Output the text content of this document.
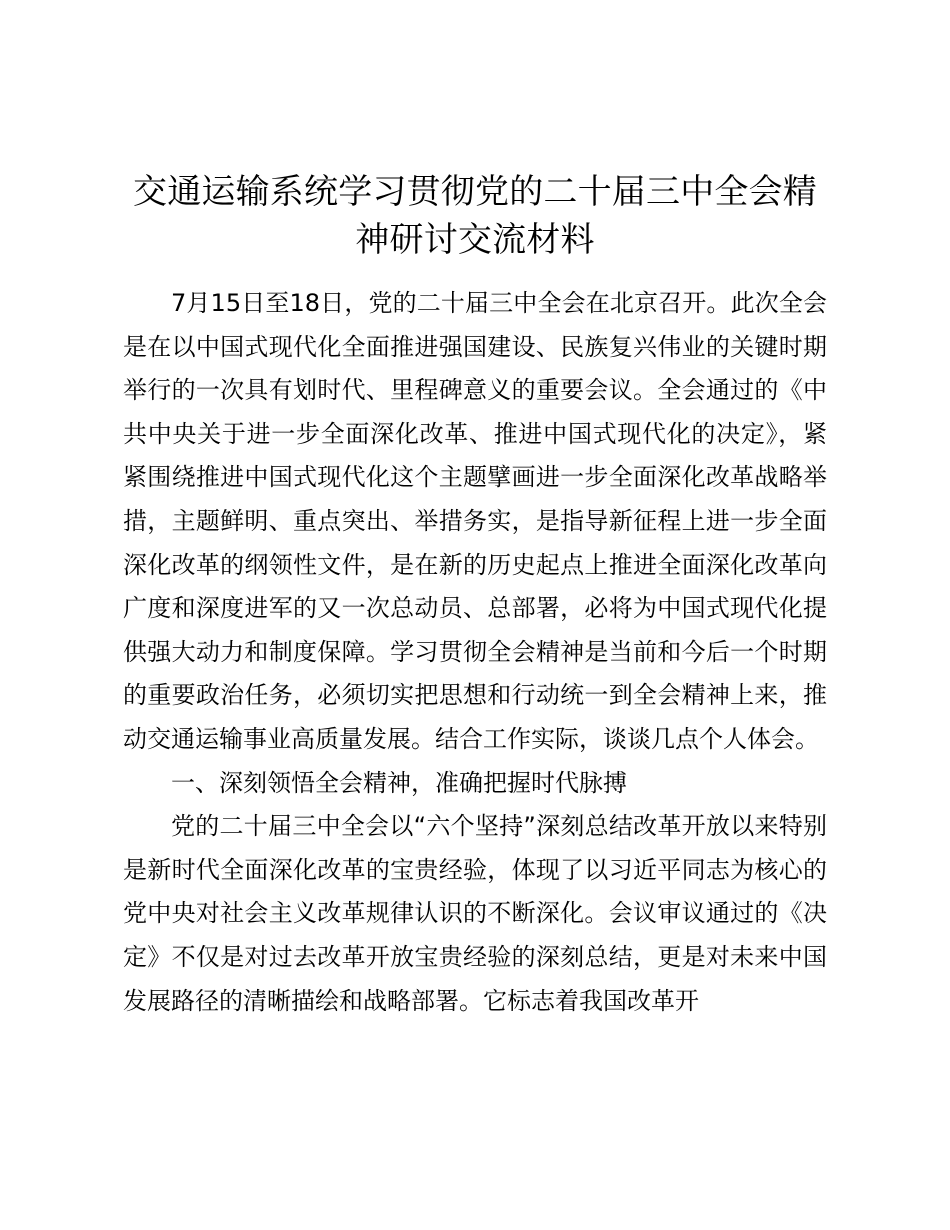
交通运输系统学习贯彻党的二十届三中全会精神研讨交流材料

7月15日至18日，党的二十届三中全会在北京召开。此次全会是在以中国式现代化全面推进强国建设、民族复兴伟业的关键时期举行的一次具有划时代、里程碑意义的重要会议。全会通过的《中共中央关于进一步全面深化改革、推进中国式现代化的决定》，紧紧围绕推进中国式现代化这个主题擘画进一步全面深化改革战略举措，主题鲜明、重点突出、举措务实，是指导新征程上进一步全面深化改革的纲领性文件，是在新的历史起点上推进全面深化改革向广度和深度进军的又一次总动员、总部署，必将为中国式现代化提供强大动力和制度保障。学习贯彻全会精神是当前和今后一个时期的重要政治任务，必须切实把思想和行动统一到全会精神上来，推动交通运输事业高质量发展。结合工作实际，谈谈几点个人体会。

一、深刻领悟全会精神，准确把握时代脉搏

党的二十届三中全会以“六个坚持”深刻总结改革开放以来特别是新时代全面深化改革的宝贵经验，体现了以习近平同志为核心的党中央对社会主义改革规律认识的不断深化。会议审议通过的《决定》不仅是对过去改革开放宝贵经验的深刻总结，更是对未来中国发展路径的清晰描绘和战略部署。它标志着我国改革开
